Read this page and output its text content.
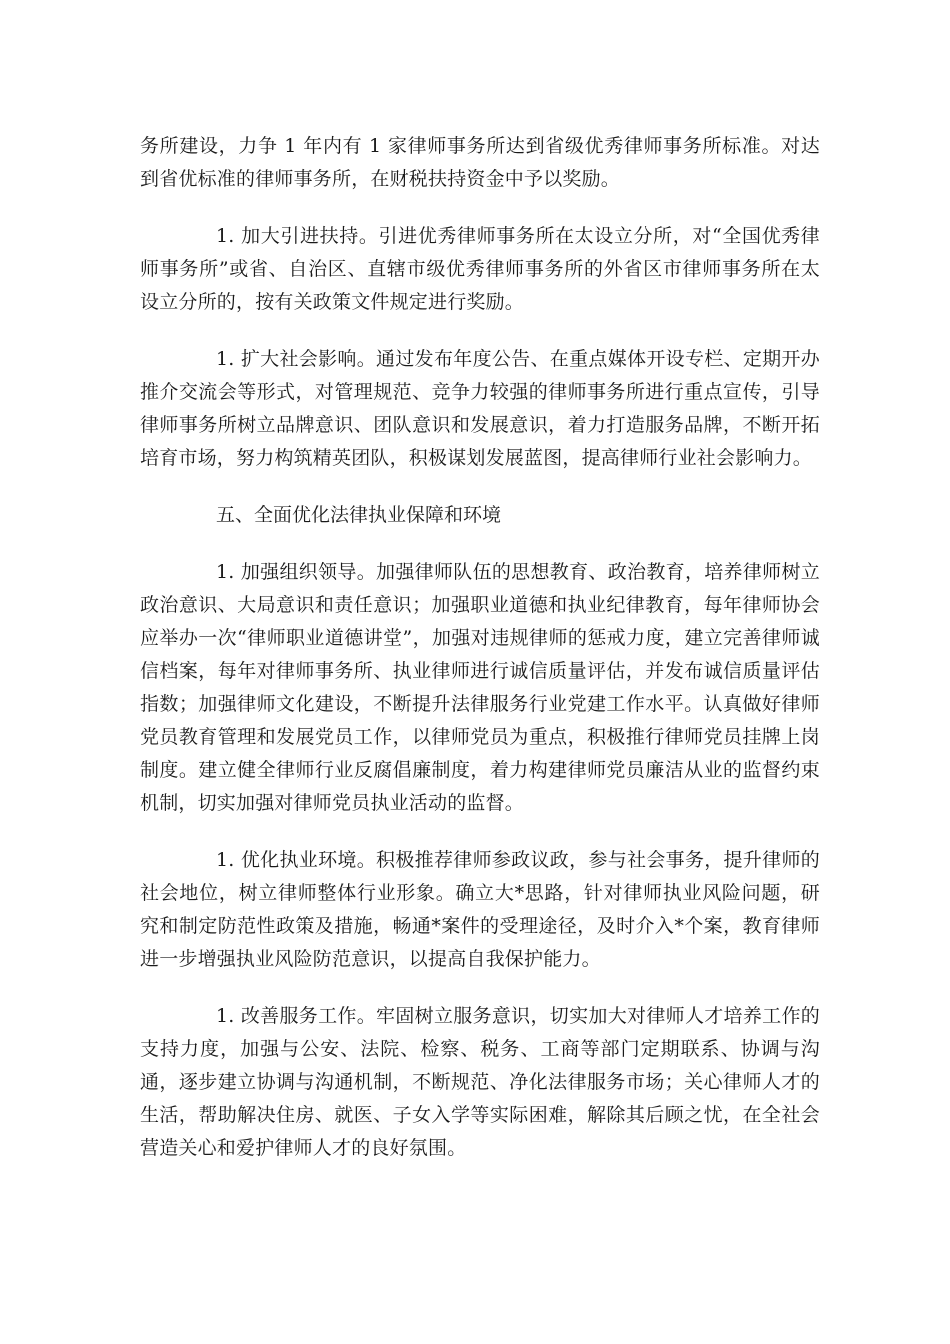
务所建设，力争 1 年内有 1 家律师事务所达到省级优秀律师事务所标准。对达到省优标准的律师事务所，在财税扶持资金中予以奖励。

1. 加大引进扶持。引进优秀律师事务所在太设立分所，对“全国优秀律师事务所”或省、自治区、直辖市级优秀律师事务所的外省区市律师事务所在太设立分所的，按有关政策文件规定进行奖励。

1. 扩大社会影响。通过发布年度公告、在重点媒体开设专栏、定期开办推介交流会等形式，对管理规范、竞争力较强的律师事务所进行重点宣传，引导律师事务所树立品牌意识、团队意识和发展意识，着力打造服务品牌，不断开拓培育市场，努力构筑精英团队，积极谋划发展蓝图，提高律师行业社会影响力。

五、全面优化法律执业保障和环境

1. 加强组织领导。加强律师队伍的思想教育、政治教育，培养律师树立政治意识、大局意识和责任意识；加强职业道德和执业纪律教育，每年律师协会应举办一次“律师职业道德讲堂”，加强对违规律师的惩戒力度，建立完善律师诚信档案，每年对律师事务所、执业律师进行诚信质量评估，并发布诚信质量评估指数；加强律师文化建设，不断提升法律服务行业党建工作水平。认真做好律师党员教育管理和发展党员工作，以律师党员为重点，积极推行律师党员挂牌上岗制度。建立健全律师行业反腐倡廉制度，着力构建律师党员廉洁从业的监督约束机制，切实加强对律师党员执业活动的监督。

1. 优化执业环境。积极推荐律师参政议政，参与社会事务，提升律师的社会地位，树立律师整体行业形象。确立大*思路，针对律师执业风险问题，研究和制定防范性政策及措施，畅通*案件的受理途径，及时介入*个案，教育律师进一步增强执业风险防范意识，以提高自我保护能力。

1. 改善服务工作。牢固树立服务意识，切实加大对律师人才培养工作的支持力度，加强与公安、法院、检察、税务、工商等部门定期联系、协调与沟通，逐步建立协调与沟通机制，不断规范、净化法律服务市场；关心律师人才的生活，帮助解决住房、就医、子女入学等实际困难，解除其后顾之忧，在全社会营造关心和爱护律师人才的良好氛围。
